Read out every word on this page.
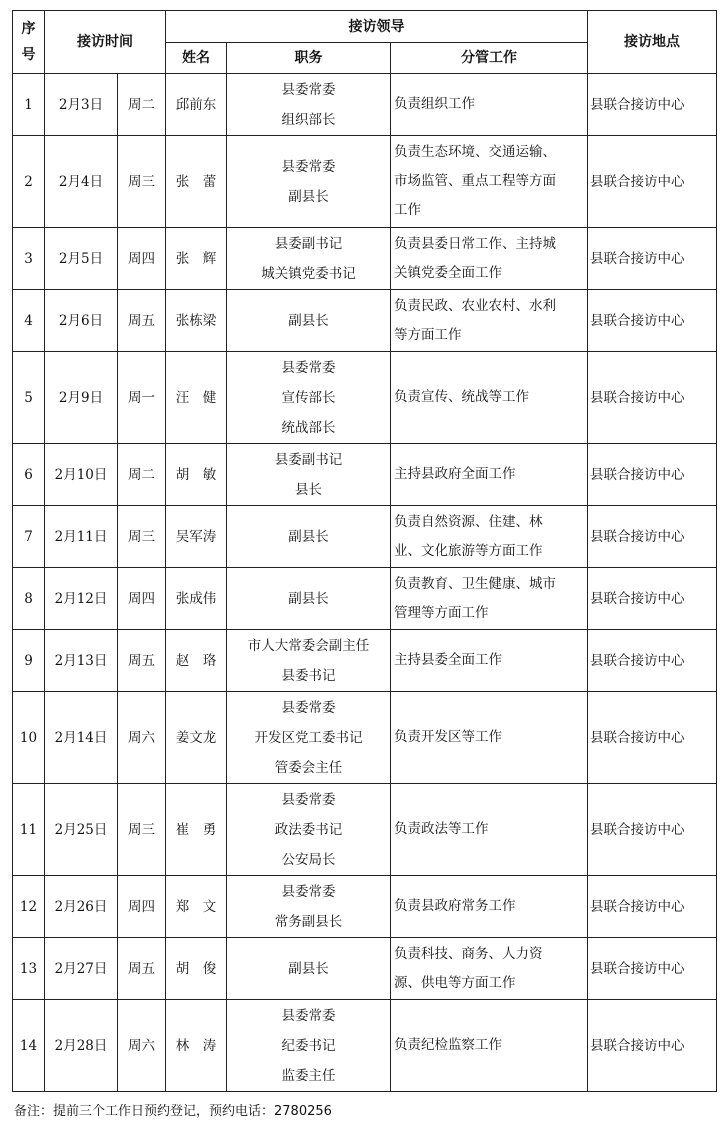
序
号	接访时间		接访领导			接访地点
			姓名	职务	分管工作	
1	2月3日	周二	邱前东	县委常委
组织部长	负责组织工作	县联合接访中心
2	2月4日	周三	张　蕾	县委常委
副县长	负责生态环境、交通运输、
市场监管、重点工程等方面
工作	县联合接访中心
3	2月5日	周四	张　辉	县委副书记
城关镇党委书记	负责县委日常工作、主持城
关镇党委全面工作	县联合接访中心
4	2月6日	周五	张栋梁	副县长	负责民政、农业农村、水利
等方面工作	县联合接访中心
5	2月9日	周一	汪　健	县委常委
宣传部长
统战部长	负责宣传、统战等工作	县联合接访中心
6	2月10日	周二	胡　敏	县委副书记
县长	主持县政府全面工作	县联合接访中心
7	2月11日	周三	吴军涛	副县长	负责自然资源、住建、林
业、文化旅游等方面工作	县联合接访中心
8	2月12日	周四	张成伟	副县长	负责教育、卫生健康、城市
管理等方面工作	县联合接访中心
9	2月13日	周五	赵　珞	市人大常委会副主任
县委书记	主持县委全面工作	县联合接访中心
10	2月14日	周六	姜文龙	县委常委
开发区党工委书记
管委会主任	负责开发区等工作	县联合接访中心
11	2月25日	周三	崔　勇	县委常委
政法委书记
公安局长	负责政法等工作	县联合接访中心
12	2月26日	周四	郑　文	县委常委
常务副县长	负责县政府常务工作	县联合接访中心
13	2月27日	周五	胡　俊	副县长	负责科技、商务、人力资
源、供电等方面工作	县联合接访中心
14	2月28日	周六	林　涛	县委常委
纪委书记
监委主任	负责纪检监察工作	县联合接访中心
备注：提前三个工作日预约登记，预约电话：2780256
